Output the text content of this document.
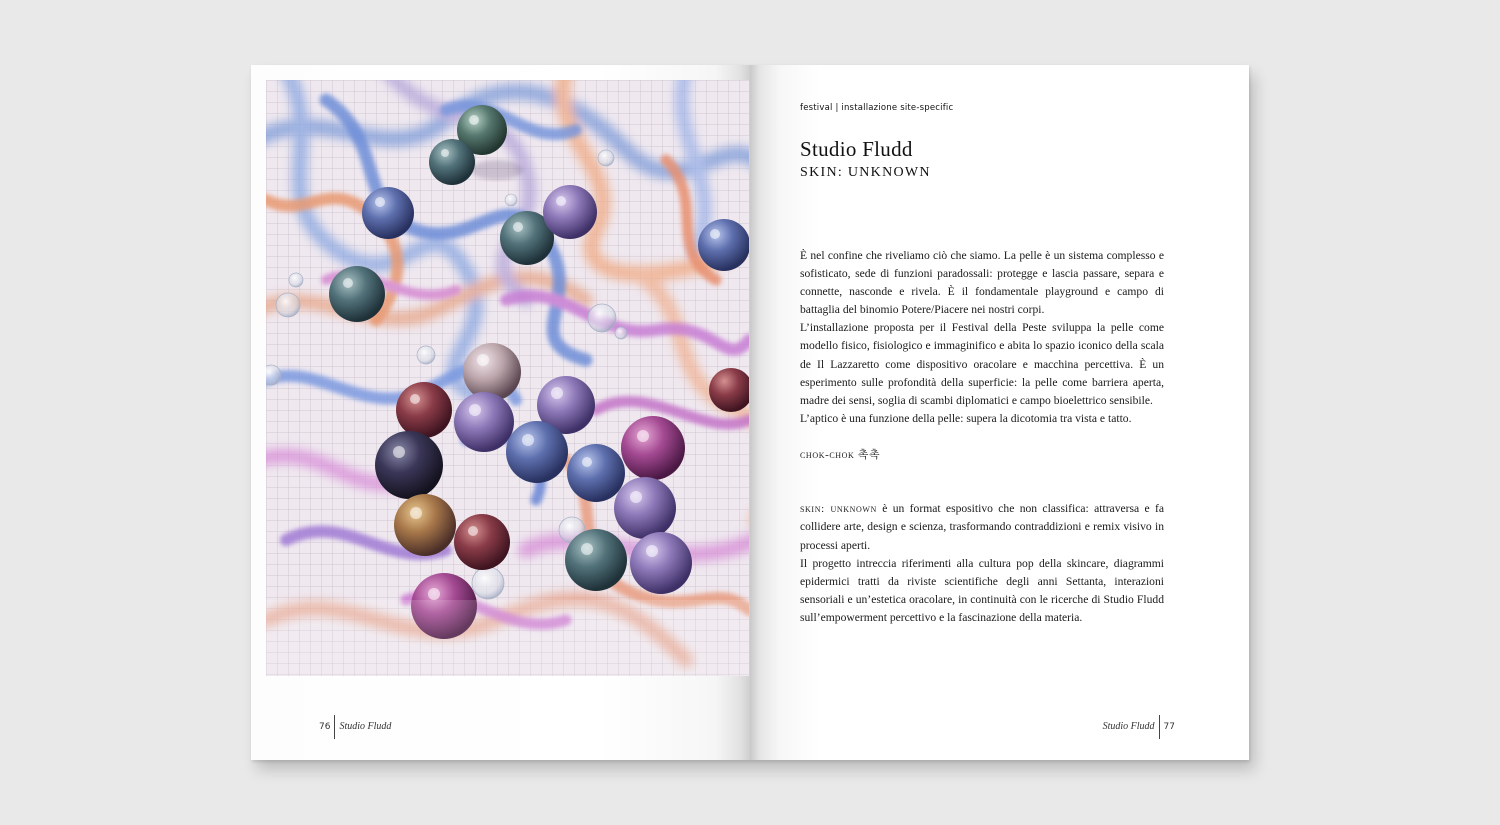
76 Studio Fludd
festival | installazione site-specific
Studio Fludd
SKIN: UNKNOWN

È nel confine che riveliamo ciò che siamo. La pelle è un sistema complesso e sofisticato, sede di funzioni paradossali: protegge e lascia passare, separa e connette, nasconde e rivela. È il fondamentale playground e campo di battaglia del binomio Potere/Piacere nei nostri corpi.

L’installazione proposta per il Festival della Peste sviluppa la pelle come modello fisico, fisiologico e immaginifico e abita lo spazio iconico della scala de Il Lazzaretto come dispositivo oracolare e macchina percettiva. È un esperimento sulle profondità della superficie: la pelle come barriera aperta, madre dei sensi, soglia di scambi diplomatici e campo bioelettrico sensibile.

L’aptico è una funzione della pelle: supera la dicotomia tra vista e tatto.

chok-chok 촉촉

skin: unknown è un format espositivo che non classifica: attraversa e fa collidere arte, design e scienza, trasformando contraddizioni e remix visivo in processi aperti.

Il progetto intreccia riferimenti alla cultura pop della skincare, diagrammi epidermici tratti da riviste scientifiche degli anni Settanta, interazioni sensoriali e un’estetica oracolare, in continuità con le ricerche di Studio Fludd sull’empowerment percettivo e la fascinazione della materia.

Studio Fludd 77
